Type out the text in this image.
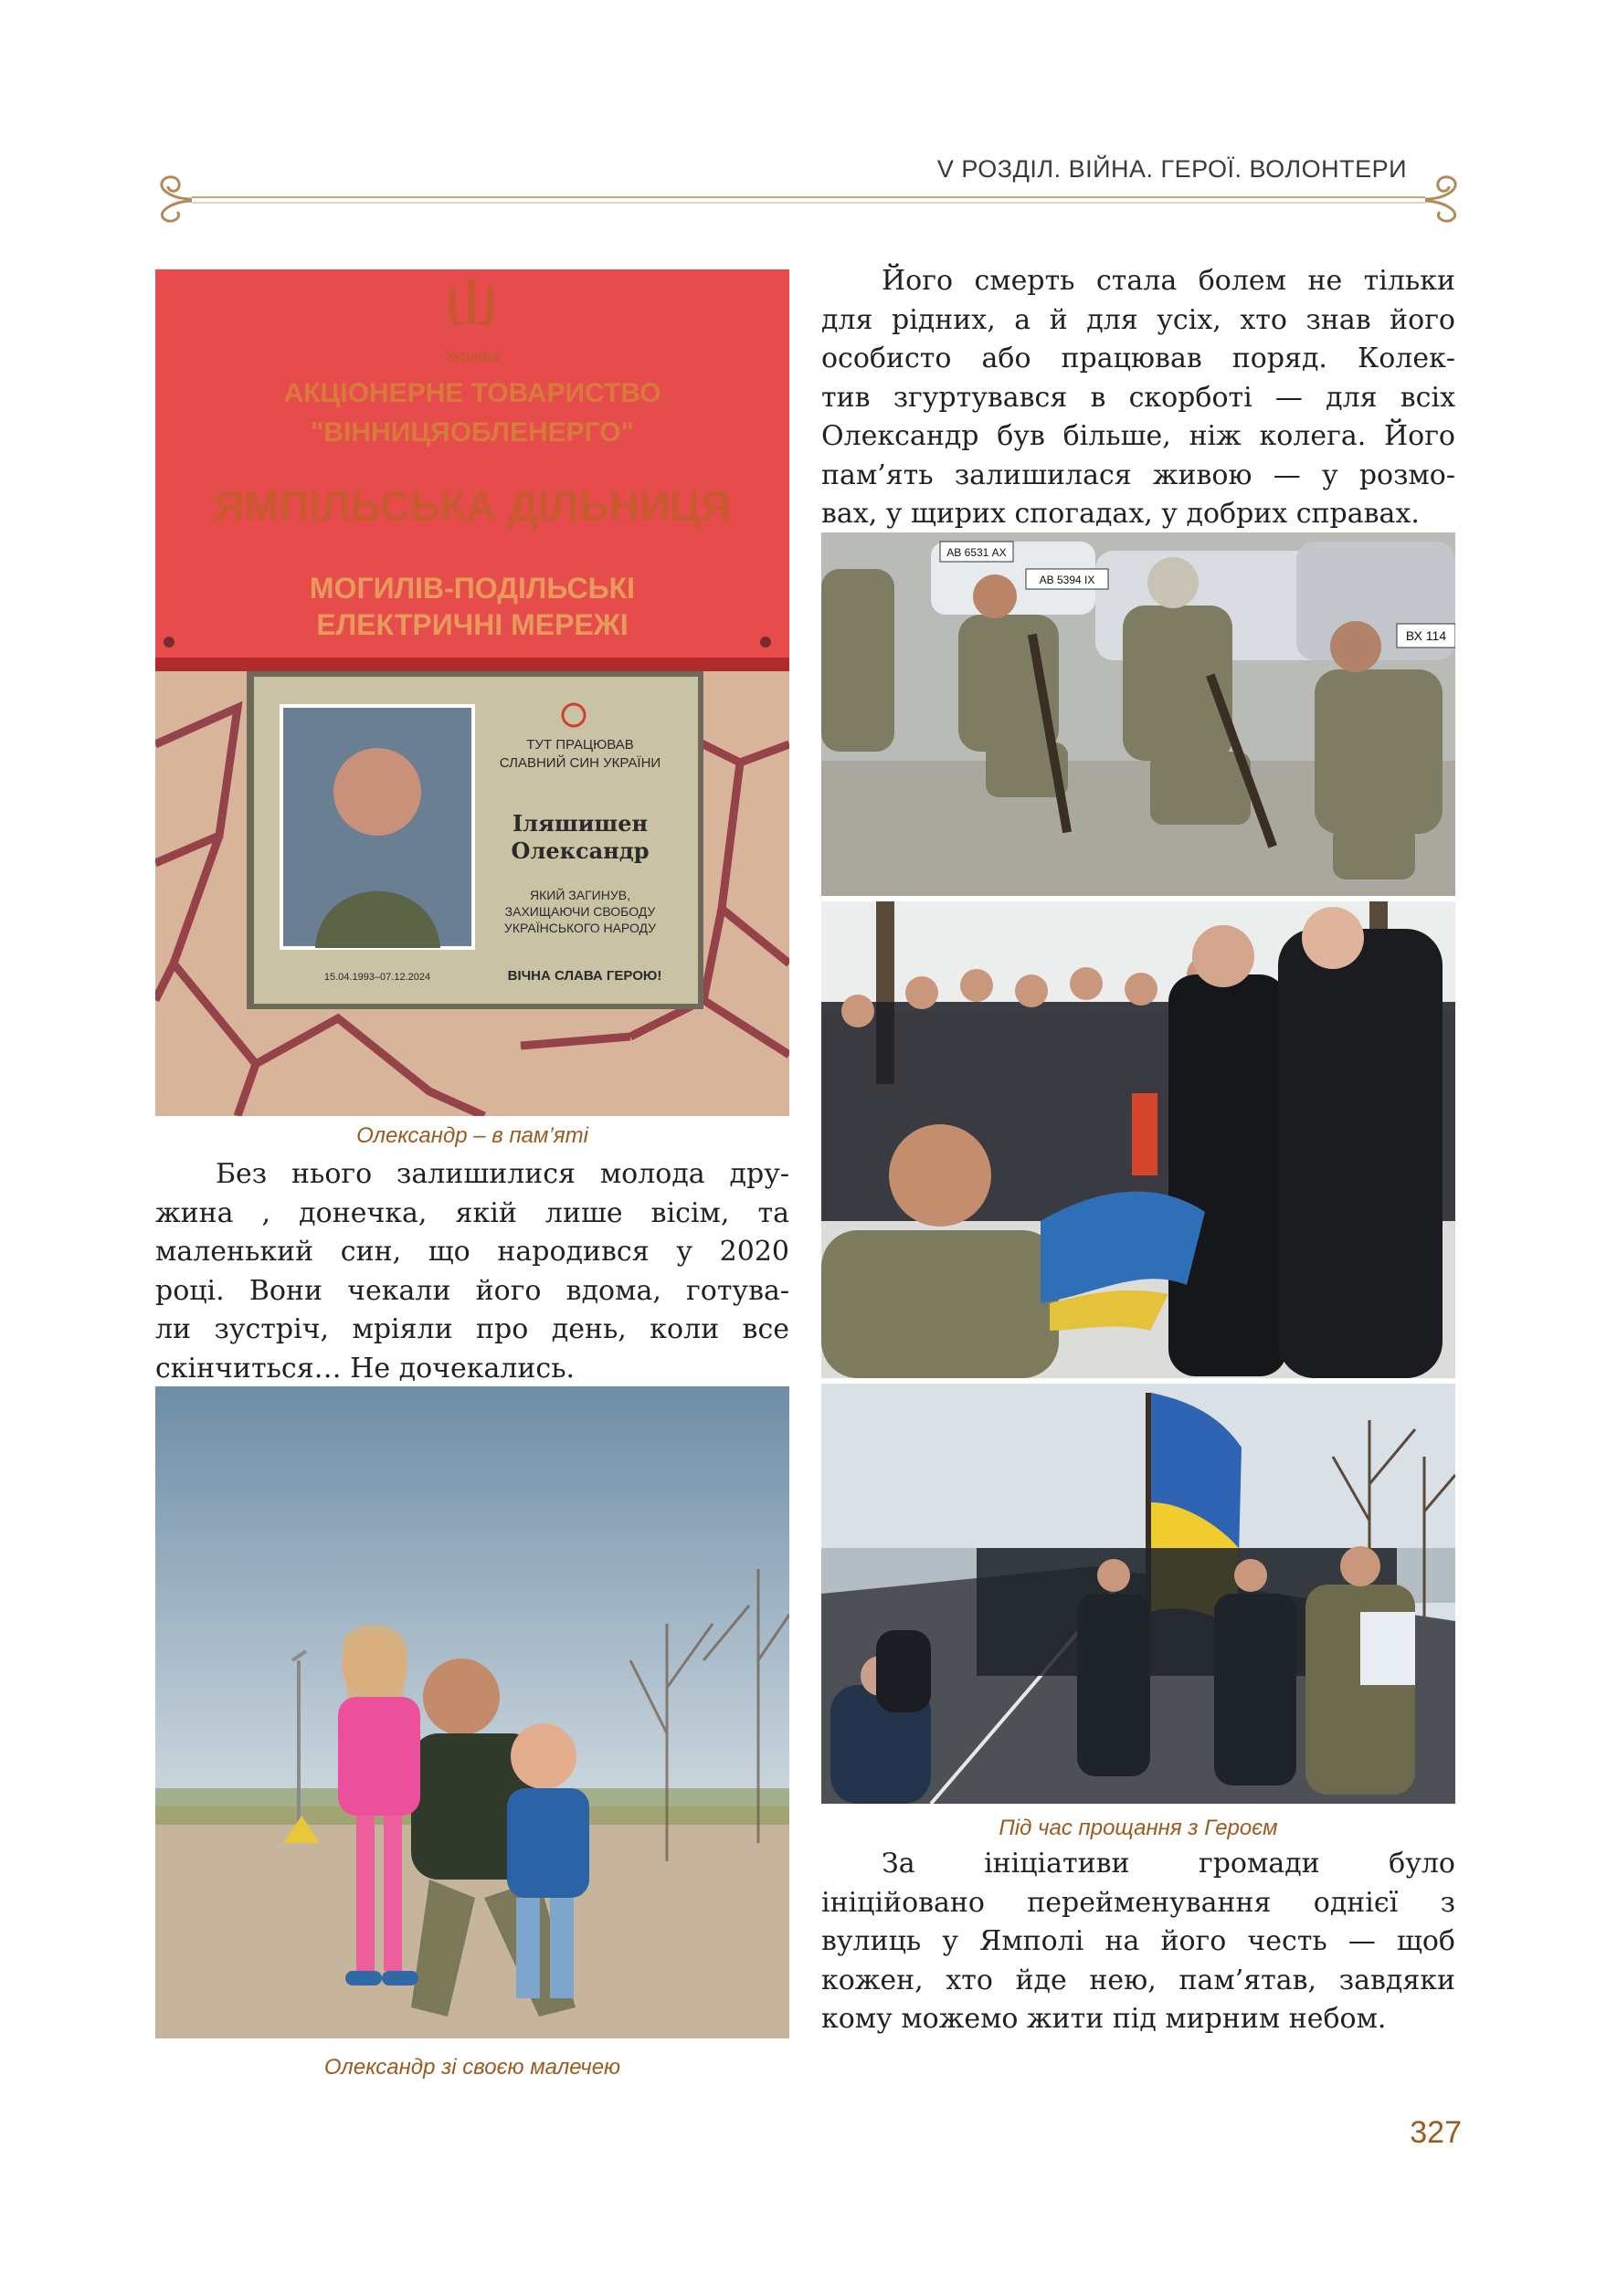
V РОЗДІЛ. ВІЙНА. ГЕРОЇ. ВОЛОНТЕРИ
Україна
АКЦІОНЕРНЕ ТОВАРИСТВО
"ВІННИЦЯОБЛЕНЕРГО"
ЯМПІЛЬСЬКА ДІЛЬНИЦЯ
МОГИЛІВ-ПОДІЛЬСЬКІ
ЕЛЕКТРИЧНІ МЕРЕЖІ
ТУТ ПРАЦЮВАВ
СЛАВНИЙ СИН УКРАЇНИ
Іляшишен
Олександр
ЯКИЙ ЗАГИНУВ,
ЗАХИЩАЮЧИ СВОБОДУ
УКРАЇНСЬКОГО НАРОДУ
15.04.1993–07.12.2024	ВІЧНА СЛАВА ГЕРОЮ!
Олександр – в пам’яті
Без нього залишилися молода дру-
жина , донечка, якій лише вісім, та
маленький син, що народився у 2020
році. Вони чекали його вдома, готува-
ли зустріч, мріяли про день, коли все
скінчиться… Не дочекались.
Олександр зі своєю малечею
Його смерть стала болем не тільки
для рідних, а й для усіх, хто знав його
особисто або працював поряд. Колек-
тив згуртувався в скорботі — для всіх
Олександр був більше, ніж колега. Його
пам’ять залишилася живою — у розмо-
вах, у щирих спогадах, у добрих справах.
АВ 6531 АХ
АВ 5394 ІХ
ВХ 114
Під час прощання з Героєм
За ініціативи громади було
ініційовано перейменування однієї з
вулиць у Ямполі на його честь — щоб
кожен, хто йде нею, пам’ятав, завдяки
кому можемо жити під мирним небом.
327
